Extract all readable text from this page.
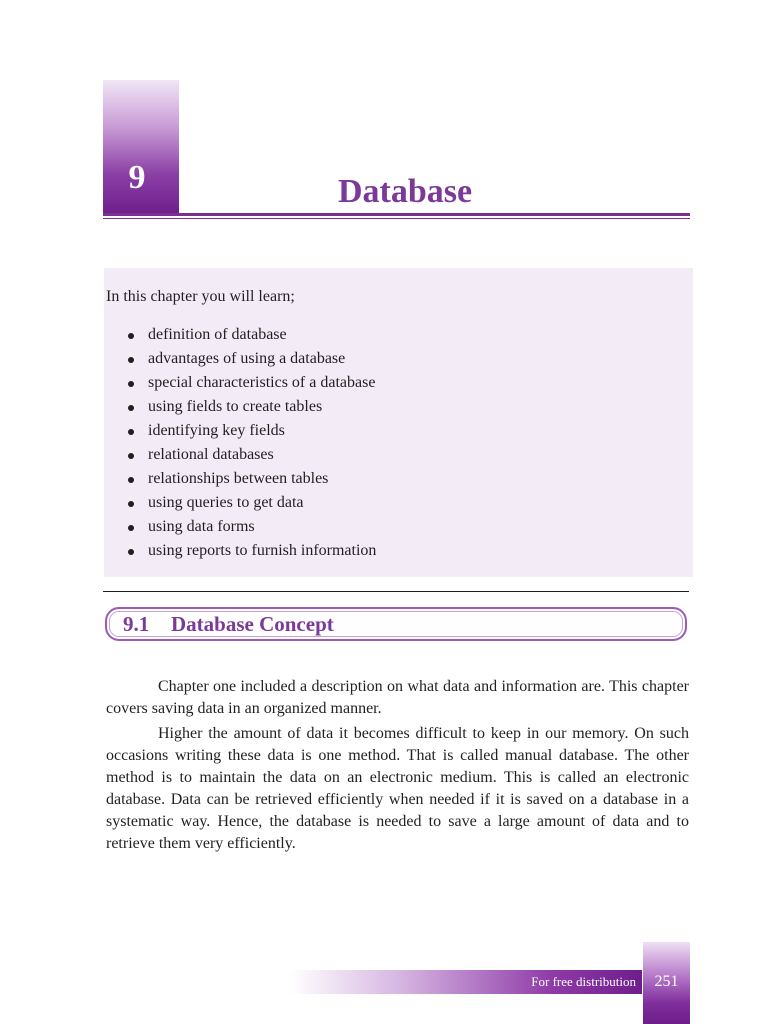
9	Database

In this chapter you will learn;

definition of database
advantages of using a database
special characteristics of a database
using fields to create tables
identifying key fields
relational databases
relationships between tables
using queries to get data
using data forms
using reports to furnish information
9.1 Database Concept

Chapter one included a description on what data and information are. This chapter covers saving data in an organized manner.

Higher the amount of data it becomes difficult to keep in our memory. On such occasions writing these data is one method. That is called manual database. The other method is to maintain the data on an electronic medium. This is called an electronic database. Data can be retrieved efficiently when needed if it is saved on a database in a systematic way. Hence, the database is needed to save a large amount of data and to retrieve them very efficiently.

For free distribution	251
